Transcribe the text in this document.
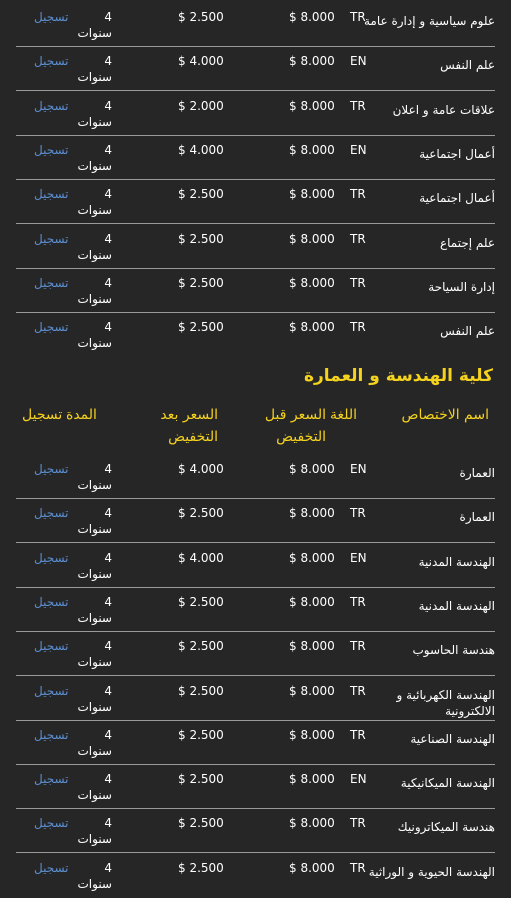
علوم سياسية و إدارة عامة
TR
$ 8.000
$ 2.500
4 سنوات
تسجيل
علم النفس
EN
$ 8.000
$ 4.000
4 سنوات
تسجيل
علاقات عامة و اعلان
TR
$ 8.000
$ 2.000
4 سنوات
تسجيل
أعمال اجتماعية
EN
$ 8.000
$ 4.000
4 سنوات
تسجيل
أعمال اجتماعية
TR
$ 8.000
$ 2.500
4 سنوات
تسجيل
علم إجتماع
TR
$ 8.000
$ 2.500
4 سنوات
تسجيل
إدارة السياحة
TR
$ 8.000
$ 2.500
4 سنوات
تسجيل
علم النفس
TR
$ 8.000
$ 2.500
4 سنوات
تسجيل
كلية الهندسة و العمارة
اسم الاختصاص
اللغة
السعر قبل التخفيض
السعر بعد التخفيض
المدة
تسجيل
العمارة
EN
$ 8.000
$ 4.000
4 سنوات
تسجيل
العمارة
TR
$ 8.000
$ 2.500
4 سنوات
تسجيل
الهندسة المدنية
EN
$ 8.000
$ 4.000
4 سنوات
تسجيل
الهندسة المدنية
TR
$ 8.000
$ 2.500
4 سنوات
تسجيل
هندسة الحاسوب
TR
$ 8.000
$ 2.500
4 سنوات
تسجيل
الهندسة الكهربائية و الالكترونية
TR
$ 8.000
$ 2.500
4 سنوات
تسجيل
الهندسة الصناعية
TR
$ 8.000
$ 2.500
4 سنوات
تسجيل
الهندسة الميكانيكية
EN
$ 8.000
$ 2.500
4 سنوات
تسجيل
هندسة الميكاترونيك
TR
$ 8.000
$ 2.500
4 سنوات
تسجيل
الهندسة الحيوية و الوراثية
TR
$ 8.000
$ 2.500
4 سنوات
تسجيل
